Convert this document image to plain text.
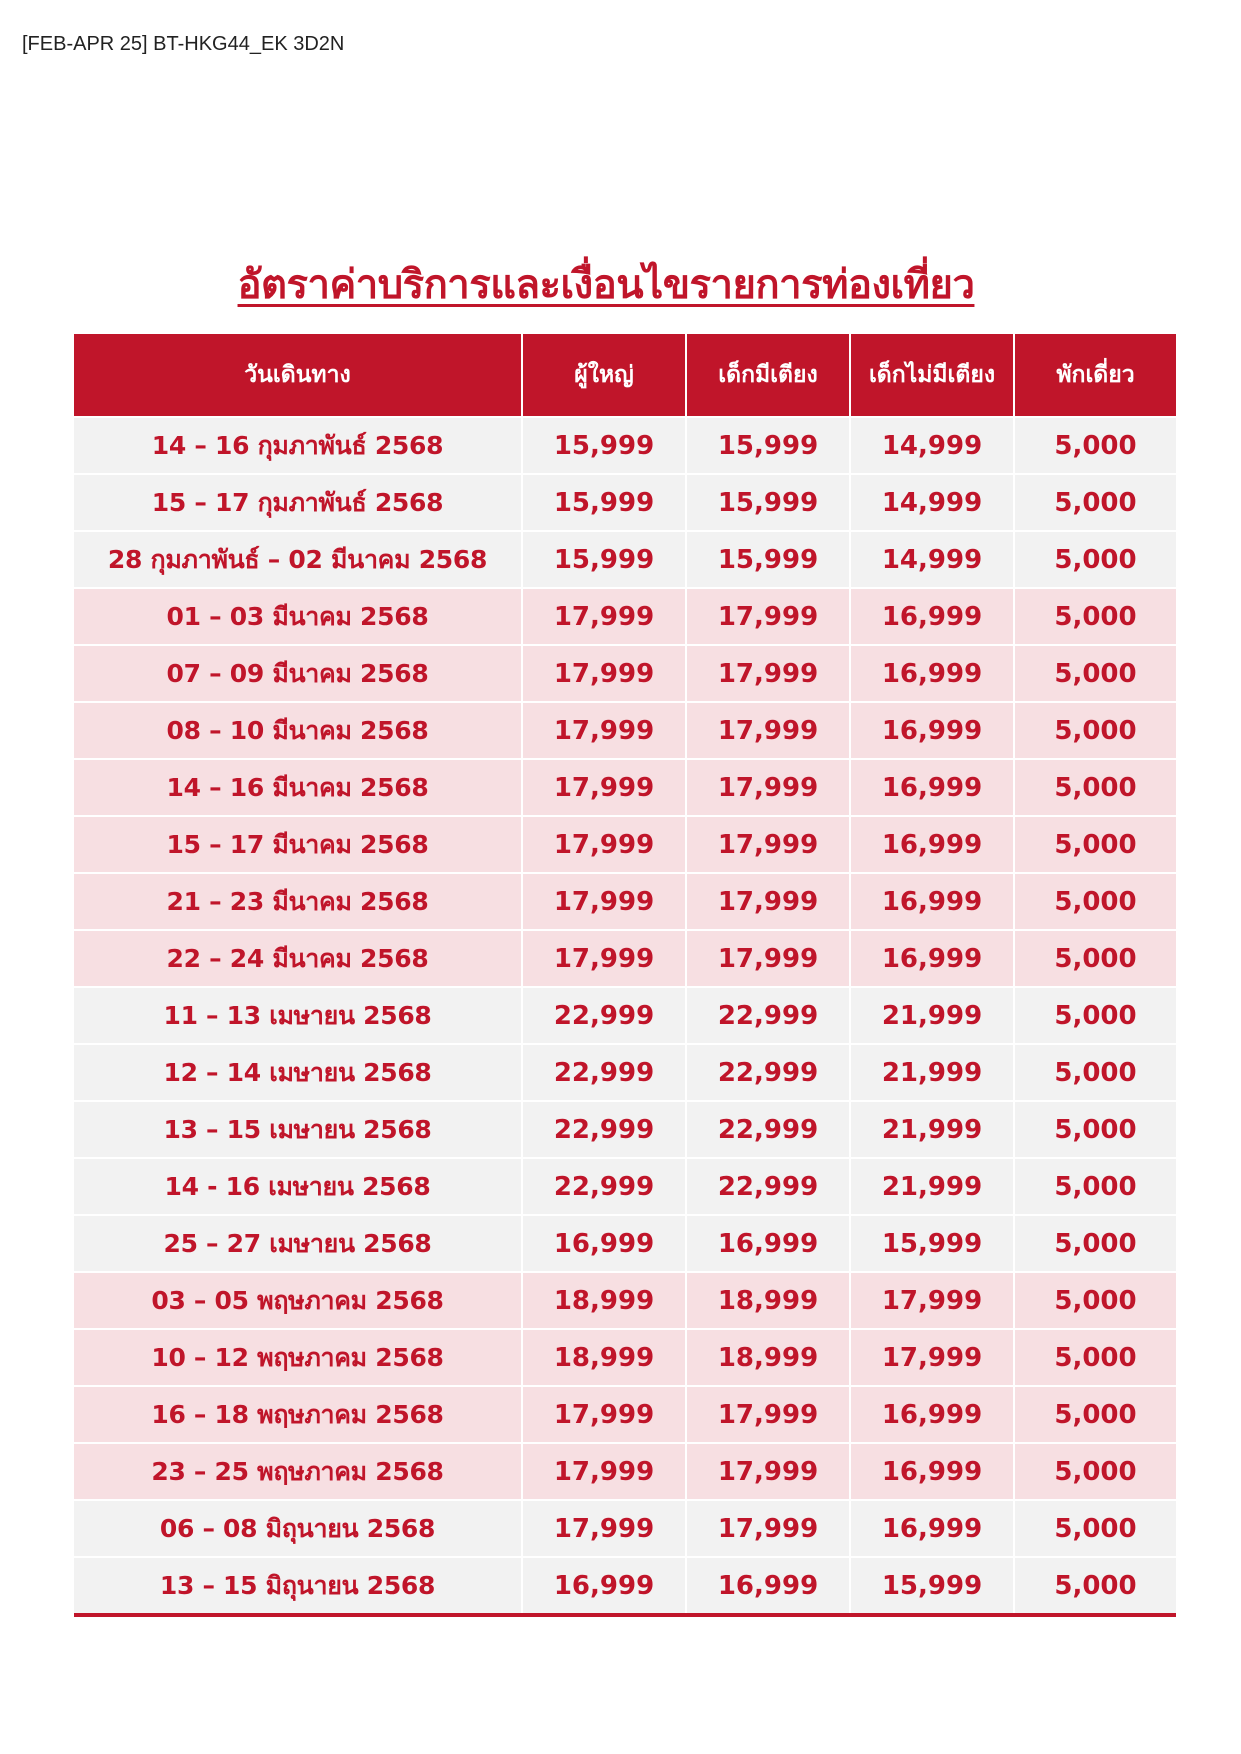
[FEB-APR 25] BT-HKG44_EK 3D2N

อัตราค่าบริการและเงื่อนไขรายการท่องเที่ยว
วันเดินทาง	ผู้ใหญ่	เด็กมีเตียง	เด็กไม่มีเตียง	พักเดี่ยว
14 – 16 กุมภาพันธ์ 2568	15,999	15,999	14,999	5,000
15 – 17 กุมภาพันธ์ 2568	15,999	15,999	14,999	5,000
28 กุมภาพันธ์ – 02 มีนาคม 2568	15,999	15,999	14,999	5,000
01 – 03 มีนาคม 2568	17,999	17,999	16,999	5,000
07 – 09 มีนาคม 2568	17,999	17,999	16,999	5,000
08 – 10 มีนาคม 2568	17,999	17,999	16,999	5,000
14 – 16 มีนาคม 2568	17,999	17,999	16,999	5,000
15 – 17 มีนาคม 2568	17,999	17,999	16,999	5,000
21 – 23 มีนาคม 2568	17,999	17,999	16,999	5,000
22 – 24 มีนาคม 2568	17,999	17,999	16,999	5,000
11 – 13 เมษายน 2568	22,999	22,999	21,999	5,000
12 – 14 เมษายน 2568	22,999	22,999	21,999	5,000
13 – 15 เมษายน 2568	22,999	22,999	21,999	5,000
14 - 16 เมษายน 2568	22,999	22,999	21,999	5,000
25 – 27 เมษายน 2568	16,999	16,999	15,999	5,000
03 – 05 พฤษภาคม 2568	18,999	18,999	17,999	5,000
10 – 12 พฤษภาคม 2568	18,999	18,999	17,999	5,000
16 – 18 พฤษภาคม 2568	17,999	17,999	16,999	5,000
23 – 25 พฤษภาคม 2568	17,999	17,999	16,999	5,000
06 – 08 มิถุนายน 2568	17,999	17,999	16,999	5,000
13 – 15 มิถุนายน 2568	16,999	16,999	15,999	5,000
